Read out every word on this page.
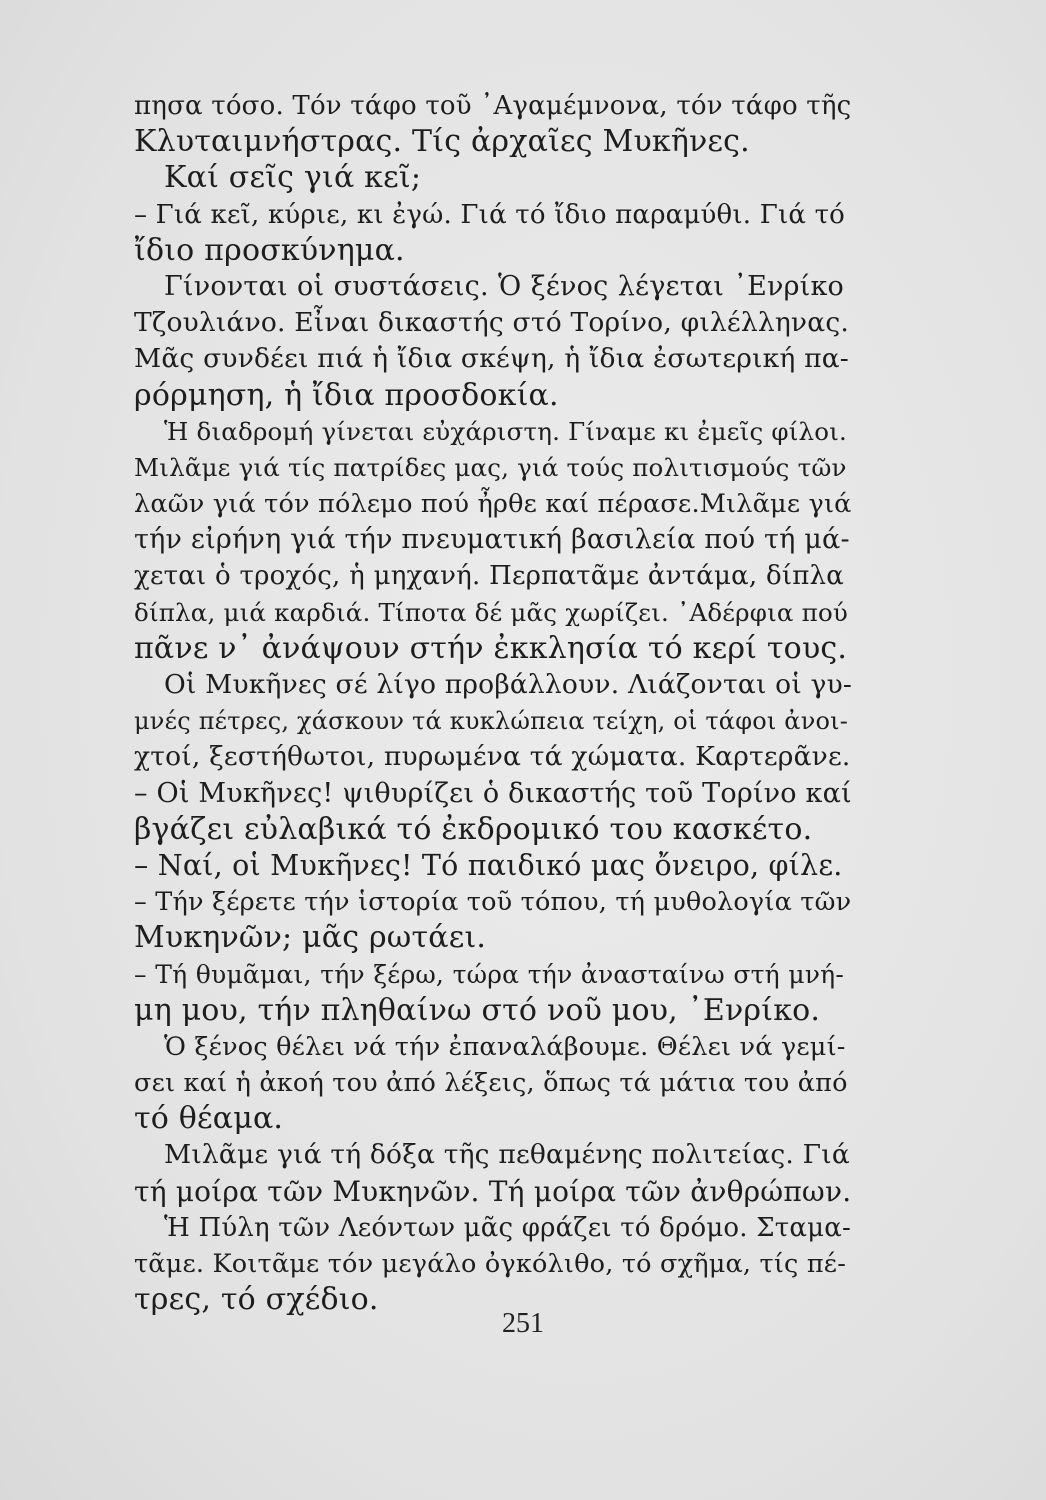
πησα τόσο. Τόν τάφο τοῦ ᾿Αγαμέμνονα, τόν τάφο τῆς
Κλυταιμνήστρας. Τίς ἀρχαῖες Μυκῆνες.
Καί σεῖς γιά κεῖ;
– Γιά κεῖ, κύριε, κι ἐγώ. Γιά τό ἴδιο παραμύθι. Γιά τό
ἴδιο προσκύνημα.
Γίνονται οἱ συστάσεις. Ὁ ξένος λέγεται ᾿Ενρίκο
Τζουλιάνο. Εἶναι δικαστής στό Τορίνο, φιλέλληνας.
Μᾶς συνδέει πιά ἡ ἴδια σκέψη, ἡ ἴδια ἐσωτερική πα-
ρόρμηση, ἡ ἴδια προσδοκία.
Ἡ διαδρομή γίνεται εὐχάριστη. Γίναμε κι ἐμεῖς φίλοι.
Μιλᾶμε γιά τίς πατρίδες μας, γιά τούς πολιτισμούς τῶν
λαῶν γιά τόν πόλεμο πού ἦρθε καί πέρασε.Μιλᾶμε γιά
τήν εἰρήνη γιά τήν πνευματική βασιλεία πού τή μά-
χεται ὁ τροχός, ἡ μηχανή. Περπατᾶμε ἀντάμα, δίπλα
δίπλα, μιά καρδιά. Τίποτα δέ μᾶς χωρίζει. ᾿Αδέρφια πού
πᾶνε ν᾿ ἀνάψουν στήν ἐκκλησία τό κερί τους.
Οἱ Μυκῆνες σέ λίγο προβάλλουν. Λιάζονται οἱ γυ-
μνές πέτρες, χάσκουν τά κυκλώπεια τείχη, οἱ τάφοι ἀνοι-
χτοί, ξεστήθωτοι, πυρωμένα τά χώματα. Καρτερᾶνε.
– Οἱ Μυκῆνες! ψιθυρίζει ὁ δικαστής τοῦ Τορίνο καί
βγάζει εὐλαβικά τό ἐκδρομικό του κασκέτο.
– Ναί, οἱ Μυκῆνες! Τό παιδικό μας ὄνειρο, φίλε.
– Τήν ξέρετε τήν ἱστορία τοῦ τόπου, τή μυθολογία τῶν
Μυκηνῶν; μᾶς ρωτάει.
– Τή θυμᾶμαι, τήν ξέρω, τώρα τήν ἀνασταίνω στή μνή-
μη μου, τήν πληθαίνω στό νοῦ μου, ᾿Ενρίκο.
Ὁ ξένος θέλει νά τήν ἐπαναλάβουμε. Θέλει νά γεμί-
σει καί ἡ ἀκοή του ἀπό λέξεις, ὅπως τά μάτια του ἀπό
τό θέαμα.
Μιλᾶμε γιά τή δόξα τῆς πεθαμένης πολιτείας. Γιά
τή μοίρα τῶν Μυκηνῶν. Τή μοίρα τῶν ἀνθρώπων.
Ἡ Πύλη τῶν Λεόντων μᾶς φράζει τό δρόμο. Σταμα-
τᾶμε. Κοιτᾶμε τόν μεγάλο ὀγκόλιθο, τό σχῆμα, τίς πέ-
τρες, τό σχέδιο.
251
